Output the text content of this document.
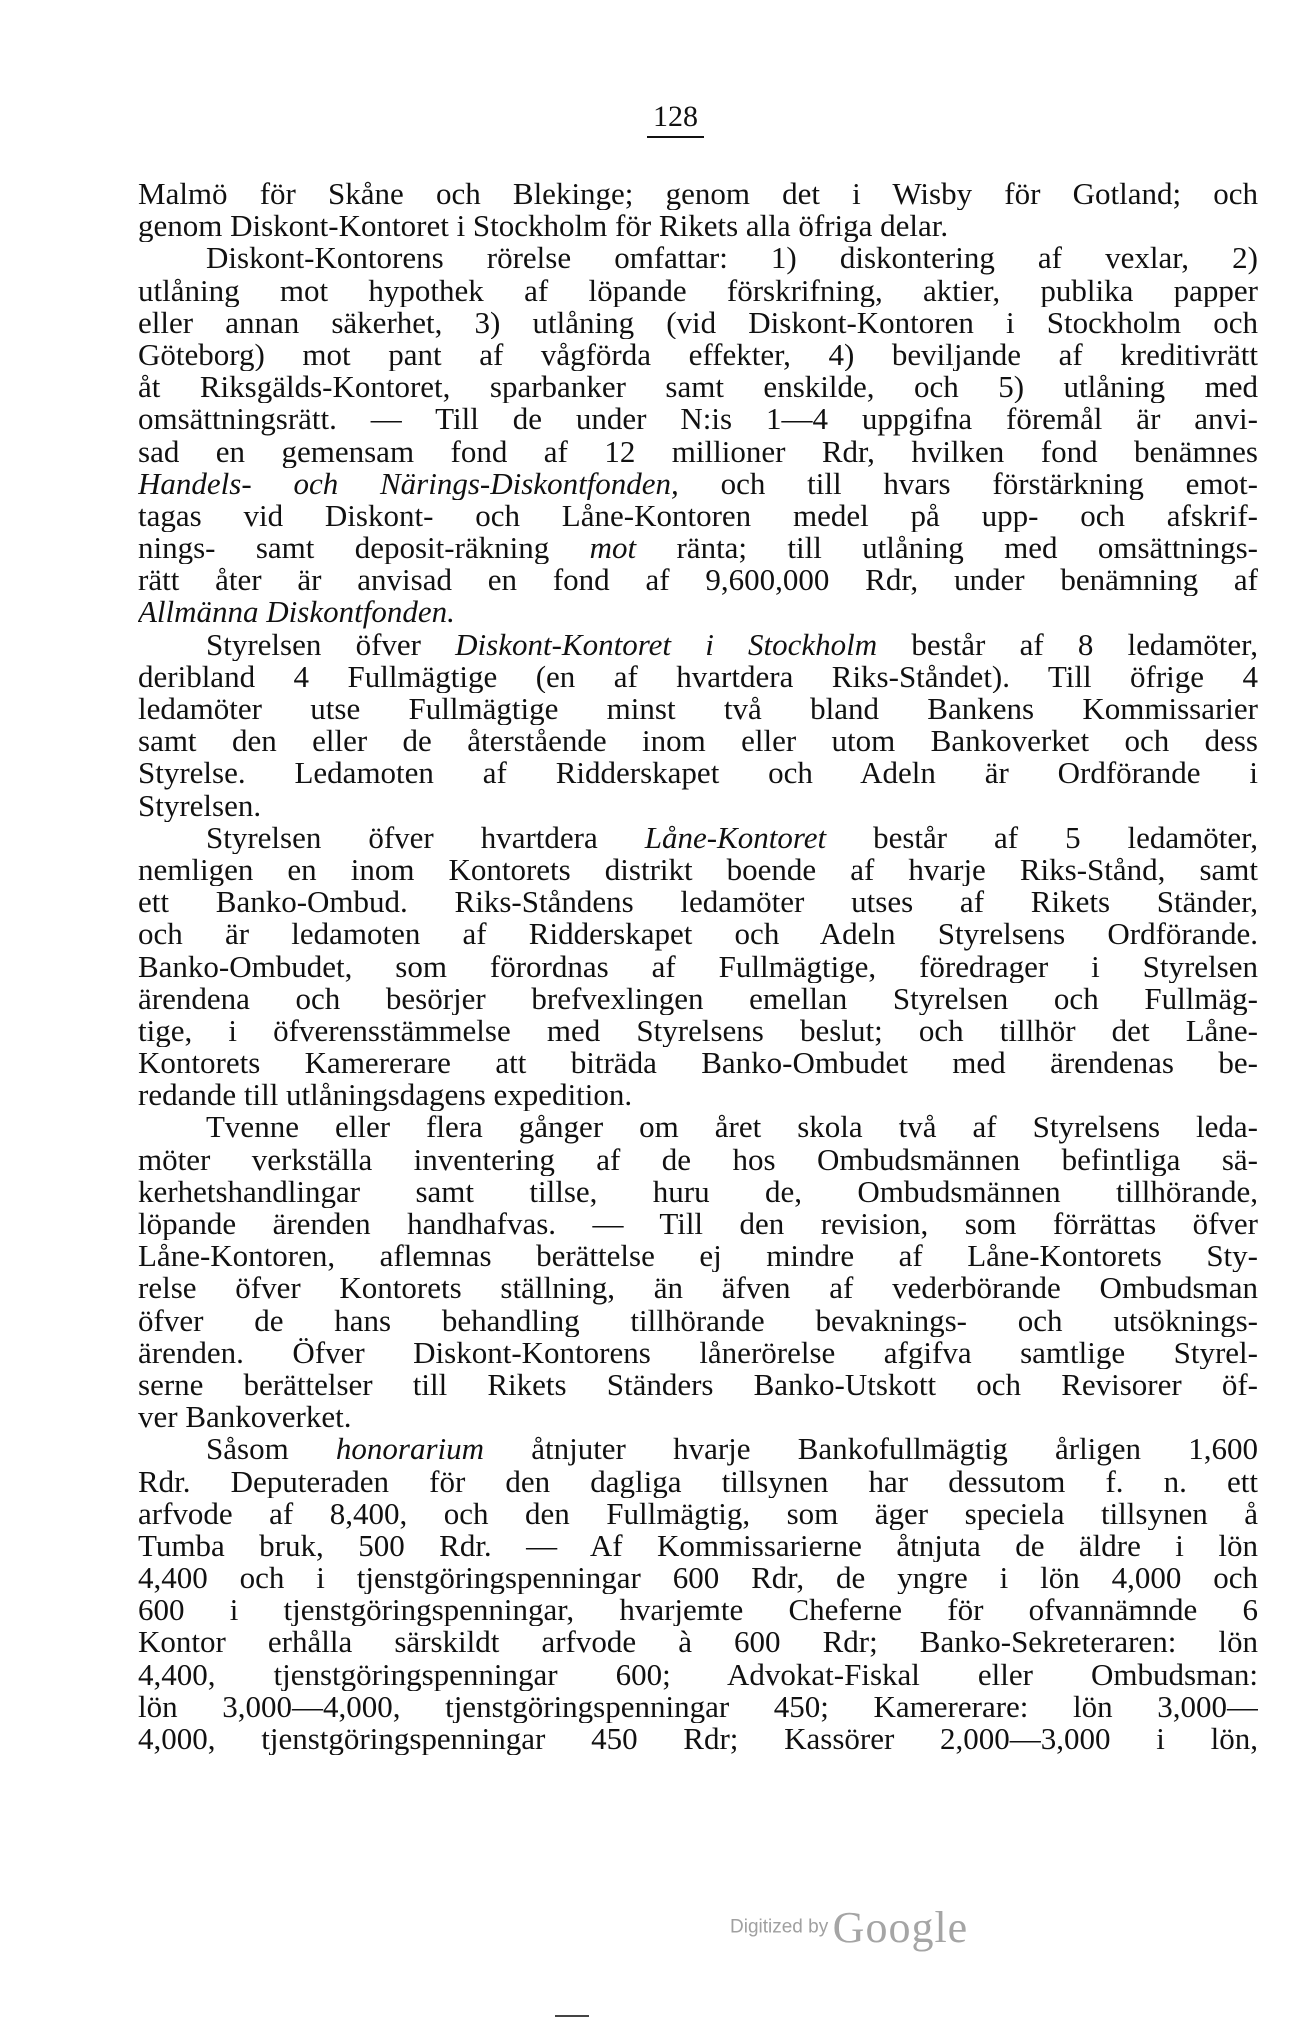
128
Malmö för Skåne och Blekinge; genom det i Wisby för Gotland; och
genom Diskont-Kontoret i Stockholm för Rikets alla öfriga delar.
Diskont-Kontorens rörelse omfattar: 1) diskontering af vexlar, 2)
utlåning mot hypothek af löpande förskrifning, aktier, publika papper
eller annan säkerhet, 3) utlåning (vid Diskont-Kontoren i Stockholm och
Göteborg) mot pant af vågförda effekter, 4) beviljande af kreditivrätt
åt Riksgälds-Kontoret, sparbanker samt enskilde, och 5) utlåning med
omsättningsrätt. — Till de under N:is 1—4 uppgifna föremål är anvi-
sad en gemensam fond af 12 millioner Rdr, hvilken fond benämnes
Handels- och Närings-Diskontfonden, och till hvars förstärkning emot-
tagas vid Diskont- och Låne-Kontoren medel på upp- och afskrif-
nings- samt deposit-räkning mot ränta; till utlåning med omsättnings-
rätt åter är anvisad en fond af 9,600,000 Rdr, under benämning af
Allmänna Diskontfonden.
Styrelsen öfver Diskont-Kontoret i Stockholm består af 8 ledamöter,
deribland 4 Fullmägtige (en af hvartdera Riks-Ståndet). Till öfrige 4
ledamöter utse Fullmägtige minst två bland Bankens Kommissarier
samt den eller de återstående inom eller utom Bankoverket och dess
Styrelse. Ledamoten af Ridderskapet och Adeln är Ordförande i
Styrelsen.
Styrelsen öfver hvartdera Låne-Kontoret består af 5 ledamöter,
nemligen en inom Kontorets distrikt boende af hvarje Riks-Stånd, samt
ett Banko-Ombud. Riks-Ståndens ledamöter utses af Rikets Ständer,
och är ledamoten af Ridderskapet och Adeln Styrelsens Ordförande.
Banko-Ombudet, som förordnas af Fullmägtige, föredrager i Styrelsen
ärendena och besörjer brefvexlingen emellan Styrelsen och Fullmäg-
tige, i öfverensstämmelse med Styrelsens beslut; och tillhör det Låne-
Kontorets Kamererare att biträda Banko-Ombudet med ärendenas be-
redande till utlåningsdagens expedition.
Tvenne eller flera gånger om året skola två af Styrelsens leda-
möter verkställa inventering af de hos Ombudsmännen befintliga sä-
kerhetshandlingar samt tillse, huru de, Ombudsmännen tillhörande,
löpande ärenden handhafvas. — Till den revision, som förrättas öfver
Låne-Kontoren, aflemnas berättelse ej mindre af Låne-Kontorets Sty-
relse öfver Kontorets ställning, än äfven af vederbörande Ombudsman
öfver de hans behandling tillhörande bevaknings- och utsöknings-
ärenden. Öfver Diskont-Kontorens lånerörelse afgifva samtlige Styrel-
serne berättelser till Rikets Ständers Banko-Utskott och Revisorer öf-
ver Bankoverket.
Såsom honorarium åtnjuter hvarje Bankofullmägtig årligen 1,600
Rdr. Deputeraden för den dagliga tillsynen har dessutom f. n. ett
arfvode af 8,400, och den Fullmägtig, som äger speciela tillsynen å
Tumba bruk, 500 Rdr. — Af Kommissarierne åtnjuta de äldre i lön
4,400 och i tjenstgöringspenningar 600 Rdr, de yngre i lön 4,000 och
600 i tjenstgöringspenningar, hvarjemte Cheferne för ofvannämnde 6
Kontor erhålla särskildt arfvode à 600 Rdr; Banko-Sekreteraren: lön
4,400, tjenstgöringspenningar 600; Advokat-Fiskal eller Ombudsman:
lön 3,000—4,000, tjenstgöringspenningar 450; Kamererare: lön 3,000—
4,000, tjenstgöringspenningar 450 Rdr; Kassörer 2,000—3,000 i lön,
Digitized by Google
